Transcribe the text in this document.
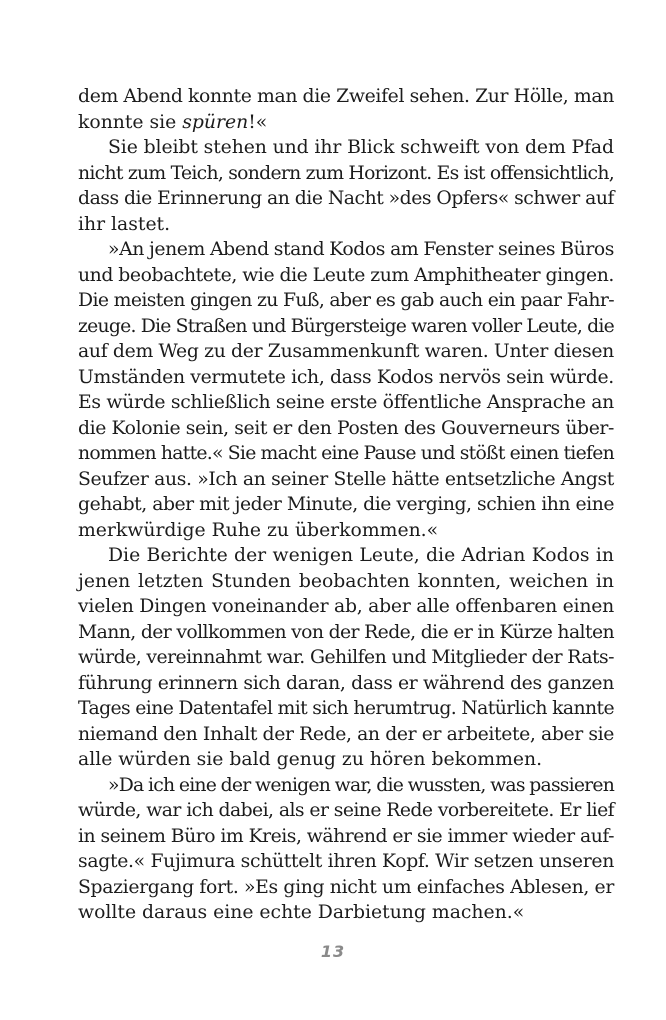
dem Abend konnte man die Zweifel sehen. Zur Hölle, man
konnte sie spüren!«
Sie bleibt stehen und ihr Blick schweift von dem Pfad
nicht zum Teich, sondern zum Horizont. Es ist offensichtlich,
dass die Erinnerung an die Nacht »des Opfers« schwer auf
ihr lastet.
»An jenem Abend stand Kodos am Fenster seines Büros
und beobachtete, wie die Leute zum Amphitheater gingen.
Die meisten gingen zu Fuß, aber es gab auch ein paar Fahr-
zeuge. Die Straßen und Bürgersteige waren voller Leute, die
auf dem Weg zu der Zusammenkunft waren. Unter diesen
Umständen vermutete ich, dass Kodos nervös sein würde.
Es würde schließlich seine erste öffentliche Ansprache an
die Kolonie sein, seit er den Posten des Gouverneurs über-
nommen hatte.« Sie macht eine Pause und stößt einen tiefen
Seufzer aus. »Ich an seiner Stelle hätte entsetzliche Angst
gehabt, aber mit jeder Minute, die verging, schien ihn eine
merkwürdige Ruhe zu überkommen.«
Die Berichte der wenigen Leute, die Adrian Kodos in
jenen letzten Stunden beobachten konnten, weichen in
vielen Dingen voneinander ab, aber alle offenbaren einen
Mann, der vollkommen von der Rede, die er in Kürze halten
würde, vereinnahmt war. Gehilfen und Mitglieder der Rats-
führung erinnern sich daran, dass er während des ganzen
Tages eine Datentafel mit sich herumtrug. Natürlich kannte
niemand den Inhalt der Rede, an der er arbeitete, aber sie
alle würden sie bald genug zu hören bekommen.
»Da ich eine der wenigen war, die wussten, was passieren
würde, war ich dabei, als er seine Rede vorbereitete. Er lief
in seinem Büro im Kreis, während er sie immer wieder auf-
sagte.« Fujimura schüttelt ihren Kopf. Wir setzen unseren
Spaziergang fort. »Es ging nicht um einfaches Ablesen, er
wollte daraus eine echte Darbietung machen.«
13
